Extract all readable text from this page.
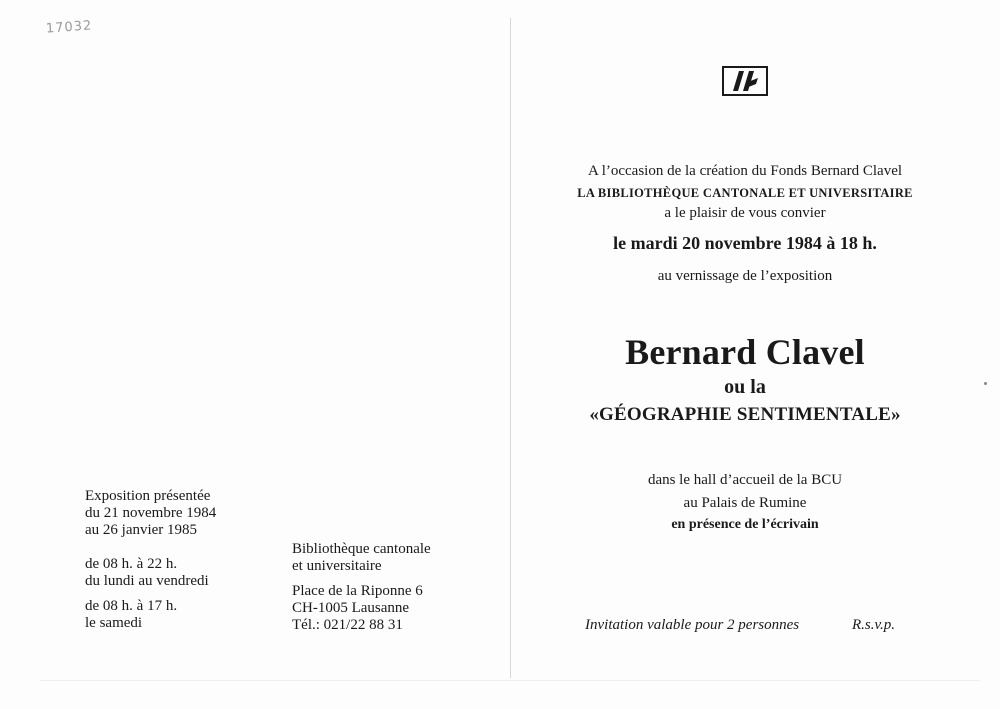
17032
Exposition présentée
du 21 novembre 1984
au 26 janvier 1985
de 08 h. à 22 h.
du lundi au vendredi
de 08 h. à 17 h.
le samedi
Bibliothèque cantonale
et universitaire
Place de la Riponne 6
CH-1005 Lausanne
Tél.: 021/22 88 31
A l’occasion de la création du Fonds Bernard Clavel
LA BIBLIOTHÈQUE CANTONALE ET UNIVERSITAIRE
a le plaisir de vous convier
le mardi 20 novembre 1984 à 18 h.
au vernissage de l’exposition
Bernard Clavel
ou la
«GÉOGRAPHIE SENTIMENTALE»
dans le hall d’accueil de la BCU
au Palais de Rumine
en présence de l’écrivain
Invitation valable pour 2 personnes	R.s.v.p.
